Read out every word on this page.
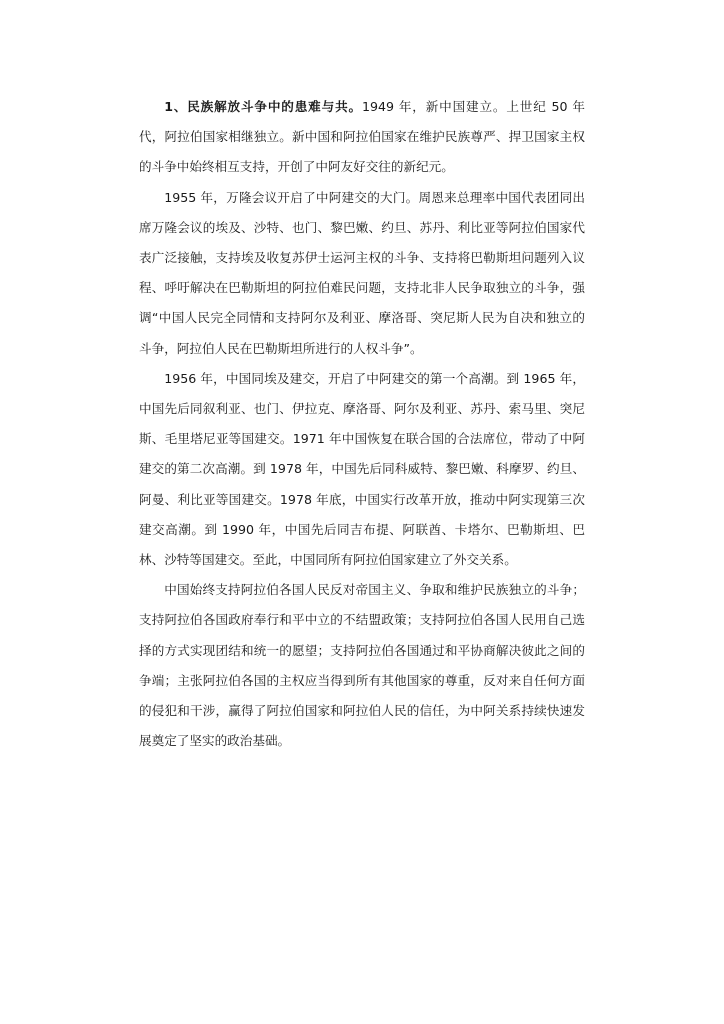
1、民族解放斗争中的患难与共。1949 年，新中国建立。上世纪 50 年代，阿拉伯国家相继独立。新中国和阿拉伯国家在维护民族尊严、捍卫国家主权的斗争中始终相互支持，开创了中阿友好交往的新纪元。

1955 年，万隆会议开启了中阿建交的大门。周恩来总理率中国代表团同出席万隆会议的埃及、沙特、也门、黎巴嫩、约旦、苏丹、利比亚等阿拉伯国家代表广泛接触，支持埃及收复苏伊士运河主权的斗争、支持将巴勒斯坦问题列入议程、呼吁解决在巴勒斯坦的阿拉伯难民问题，支持北非人民争取独立的斗争，强调“中国人民完全同情和支持阿尔及利亚、摩洛哥、突尼斯人民为自决和独立的斗争，阿拉伯人民在巴勒斯坦所进行的人权斗争”。

1956 年，中国同埃及建交，开启了中阿建交的第一个高潮。到 1965 年，中国先后同叙利亚、也门、伊拉克、摩洛哥、阿尔及利亚、苏丹、索马里、突尼斯、毛里塔尼亚等国建交。1971 年中国恢复在联合国的合法席位，带动了中阿建交的第二次高潮。到 1978 年，中国先后同科威特、黎巴嫩、科摩罗、约旦、阿曼、利比亚等国建交。1978 年底，中国实行改革开放，推动中阿实现第三次建交高潮。到 1990 年，中国先后同吉布提、阿联酋、卡塔尔、巴勒斯坦、巴林、沙特等国建交。至此，中国同所有阿拉伯国家建立了外交关系。

中国始终支持阿拉伯各国人民反对帝国主义、争取和维护民族独立的斗争；支持阿拉伯各国政府奉行和平中立的不结盟政策；支持阿拉伯各国人民用自己选择的方式实现团结和统一的愿望；支持阿拉伯各国通过和平协商解决彼此之间的争端；主张阿拉伯各国的主权应当得到所有其他国家的尊重，反对来自任何方面的侵犯和干涉，赢得了阿拉伯国家和阿拉伯人民的信任，为中阿关系持续快速发展奠定了坚实的政治基础。
